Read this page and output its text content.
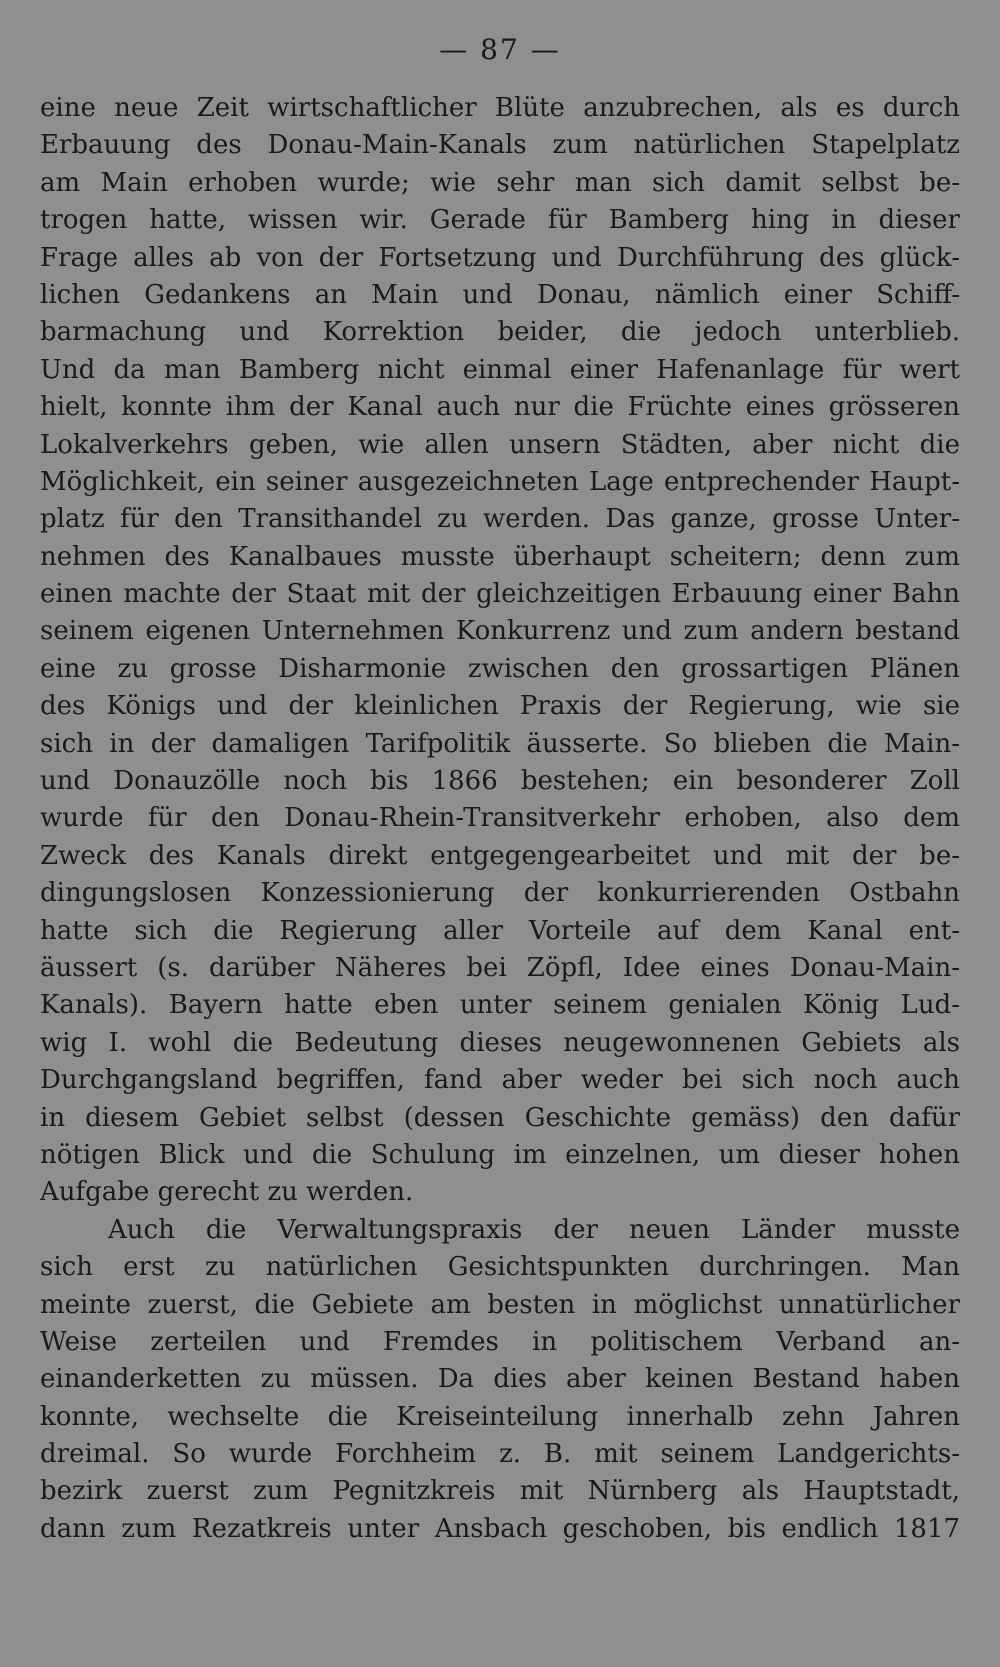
— 87 —
eine neue Zeit wirtschaftlicher Blüte anzubrechen, als es durch
Erbauung des Donau-Main-Kanals zum natürlichen Stapelplatz
am Main erhoben wurde; wie sehr man sich damit selbst be-
trogen hatte, wissen wir. Gerade für Bamberg hing in dieser
Frage alles ab von der Fortsetzung und Durchführung des glück-
lichen Gedankens an Main und Donau, nämlich einer Schiff-
barmachung und Korrektion beider, die jedoch unterblieb.
Und da man Bamberg nicht einmal einer Hafenanlage für wert
hielt, konnte ihm der Kanal auch nur die Früchte eines grösseren
Lokalverkehrs geben, wie allen unsern Städten, aber nicht die
Möglichkeit, ein seiner ausgezeichneten Lage entprechender Haupt-
platz für den Transithandel zu werden. Das ganze, grosse Unter-
nehmen des Kanalbaues musste überhaupt scheitern; denn zum
einen machte der Staat mit der gleichzeitigen Erbauung einer Bahn
seinem eigenen Unternehmen Konkurrenz und zum andern bestand
eine zu grosse Disharmonie zwischen den grossartigen Plänen
des Königs und der kleinlichen Praxis der Regierung, wie sie
sich in der damaligen Tarifpolitik äusserte. So blieben die Main-
und Donauzölle noch bis 1866 bestehen; ein besonderer Zoll
wurde für den Donau-Rhein-Transitverkehr erhoben, also dem
Zweck des Kanals direkt entgegengearbeitet und mit der be-
dingungslosen Konzessionierung der konkurrierenden Ostbahn
hatte sich die Regierung aller Vorteile auf dem Kanal ent-
äussert (s. darüber Näheres bei Zöpfl, Idee eines Donau-Main-
Kanals). Bayern hatte eben unter seinem genialen König Lud-
wig I. wohl die Bedeutung dieses neugewonnenen Gebiets als
Durchgangsland begriffen, fand aber weder bei sich noch auch
in diesem Gebiet selbst (dessen Geschichte gemäss) den dafür
nötigen Blick und die Schulung im einzelnen, um dieser hohen
Aufgabe gerecht zu werden.
Auch die Verwaltungspraxis der neuen Länder musste
sich erst zu natürlichen Gesichtspunkten durchringen. Man
meinte zuerst, die Gebiete am besten in möglichst unnatürlicher
Weise zerteilen und Fremdes in politischem Verband an-
einanderketten zu müssen. Da dies aber keinen Bestand haben
konnte, wechselte die Kreiseinteilung innerhalb zehn Jahren
dreimal. So wurde Forchheim z. B. mit seinem Landgerichts-
bezirk zuerst zum Pegnitzkreis mit Nürnberg als Hauptstadt,
dann zum Rezatkreis unter Ansbach geschoben, bis endlich 1817
